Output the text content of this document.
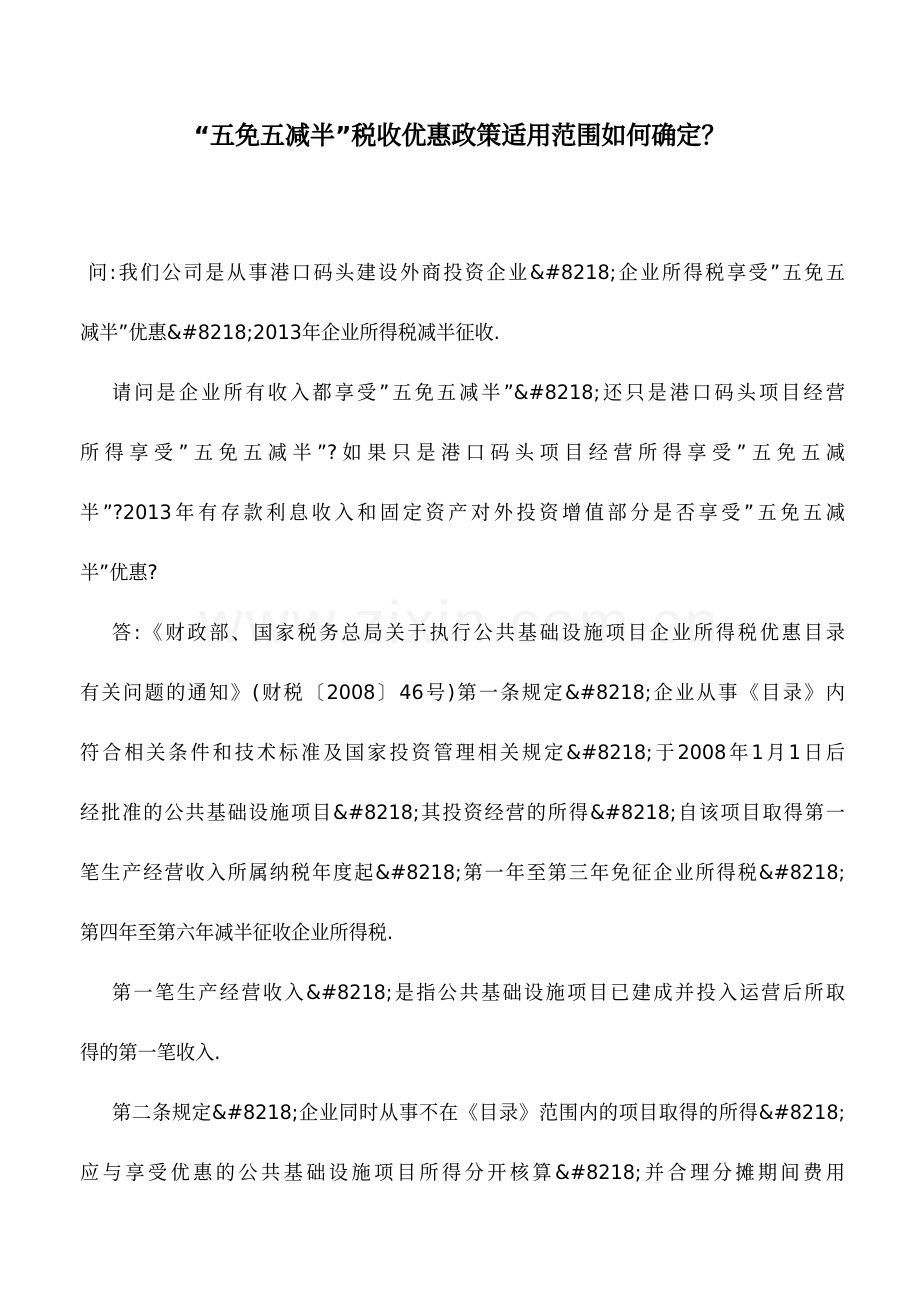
“五免五减半”税收优惠政策适用范围如何确定？
问:我们公司是从事港口码头建设外商投资企业&#8218;企业所得税享受”五免五
减半”优惠&#8218;2013年企业所得税减半征收.
请问是企业所有收入都享受”五免五减半”&#8218;还只是港口码头项目经营
所得享受”五免五减半”?如果只是港口码头项目经营所得享受”五免五减
半”?2013年有存款利息收入和固定资产对外投资增值部分是否享受”五免五减
半”优惠?
答:《财政部、国家税务总局关于执行公共基础设施项目企业所得税优惠目录
有关问题的通知》(财税〔2008〕46号)第一条规定&#8218;企业从事《目录》内
符合相关条件和技术标准及国家投资管理相关规定&#8218;于2008年1月1日后
经批准的公共基础设施项目&#8218;其投资经营的所得&#8218;自该项目取得第一
笔生产经营收入所属纳税年度起&#8218;第一年至第三年免征企业所得税&#8218;
第四年至第六年减半征收企业所得税.
第一笔生产经营收入&#8218;是指公共基础设施项目已建成并投入运营后所取
得的第一笔收入.
第二条规定&#8218;企业同时从事不在《目录》范围内的项目取得的所得&#8218;
应与享受优惠的公共基础设施项目所得分开核算&#8218;并合理分摊期间费用
